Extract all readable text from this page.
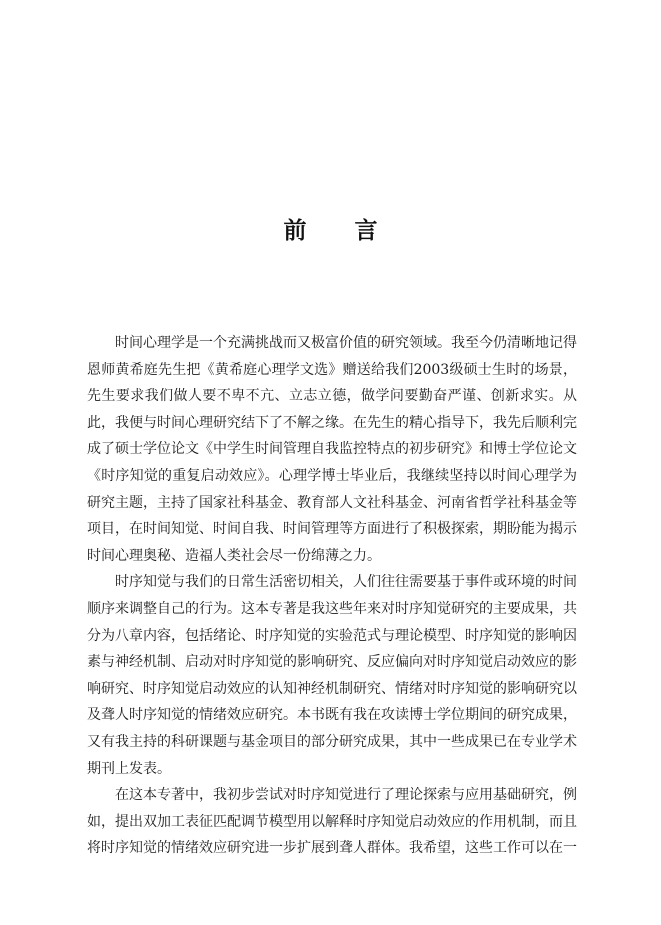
前 言

时间心理学是一个充满挑战而又极富价值的研究领域。我至今仍清晰地记得恩师黄希庭先生把《黄希庭心理学文选》赠送给我们2003级硕士生时的场景，先生要求我们做人要不卑不亢、立志立德，做学问要勤奋严谨、创新求实。从此，我便与时间心理研究结下了不解之缘。在先生的精心指导下，我先后顺利完成了硕士学位论文《中学生时间管理自我监控特点的初步研究》和博士学位论文《时序知觉的重复启动效应》。心理学博士毕业后，我继续坚持以时间心理学为研究主题，主持了国家社科基金、教育部人文社科基金、河南省哲学社科基金等项目，在时间知觉、时间自我、时间管理等方面进行了积极探索，期盼能为揭示时间心理奥秘、造福人类社会尽一份绵薄之力。

时序知觉与我们的日常生活密切相关，人们往往需要基于事件或环境的时间顺序来调整自己的行为。这本专著是我这些年来对时序知觉研究的主要成果，共分为八章内容，包括绪论、时序知觉的实验范式与理论模型、时序知觉的影响因素与神经机制、启动对时序知觉的影响研究、反应偏向对时序知觉启动效应的影响研究、时序知觉启动效应的认知神经机制研究、情绪对时序知觉的影响研究以及聋人时序知觉的情绪效应研究。本书既有我在攻读博士学位期间的研究成果，又有我主持的科研课题与基金项目的部分研究成果，其中一些成果已在专业学术期刊上发表。

在这本专著中，我初步尝试对时序知觉进行了理论探索与应用基础研究，例如，提出双加工表征匹配调节模型用以解释时序知觉启动效应的作用机制，而且将时序知觉的情绪效应研究进一步扩展到聋人群体。我希望，这些工作可以在一
